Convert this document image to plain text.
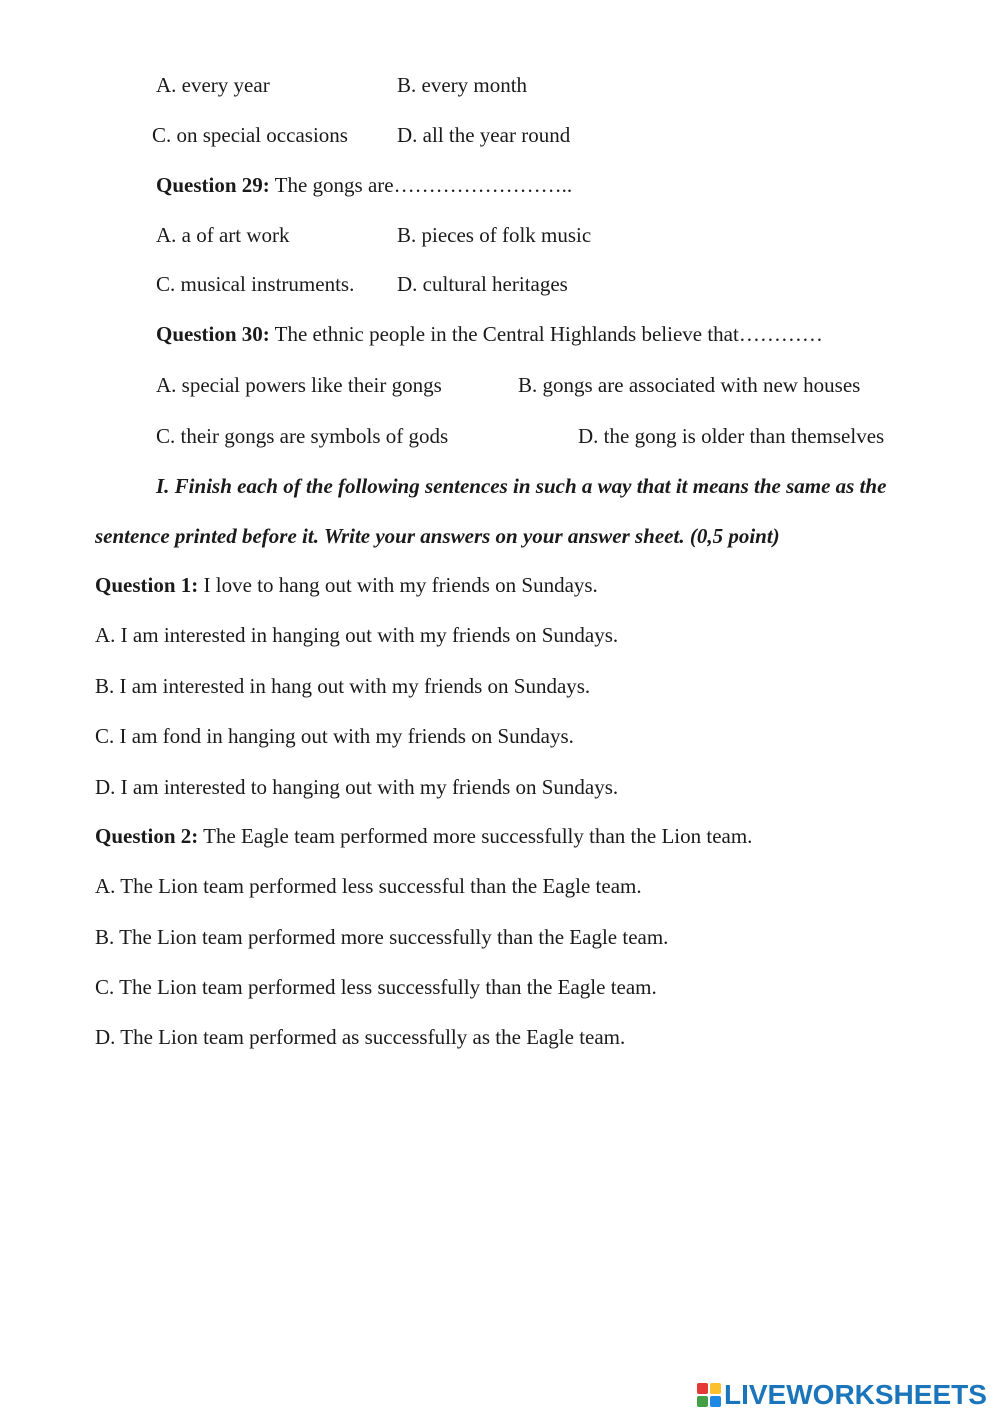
A. every year	B. every month
C. on special occasions D. all the year round
Question 29: The gongs are……………………..
A. a of art work	B. pieces of folk music
C. musical instruments. D. cultural heritages
Question 30: The ethnic people in the Central Highlands believe that…………
A. special powers like their gongs	B. gongs are associated with new houses
C. their gongs are symbols of gods	D. the gong is older than themselves
I. Finish each of the following sentences in such a way that it means the same as the
sentence printed before it. Write your answers on your answer sheet. (0,5 point)
Question 1: I love to hang out with my friends on Sundays.
A. I am interested in hanging out with my friends on Sundays.
B. I am interested in hang out with my friends on Sundays.
C. I am fond in hanging out with my friends on Sundays.
D. I am interested to hanging out with my friends on Sundays.
Question 2: The Eagle team performed more successfully than the Lion team.
A. The Lion team performed less successful than the Eagle team.
B. The Lion team performed more successfully than the Eagle team.
C. The Lion team performed less successfully than the Eagle team.
D. The Lion team performed as successfully as the Eagle team.
LIVEWORKSHEETS
